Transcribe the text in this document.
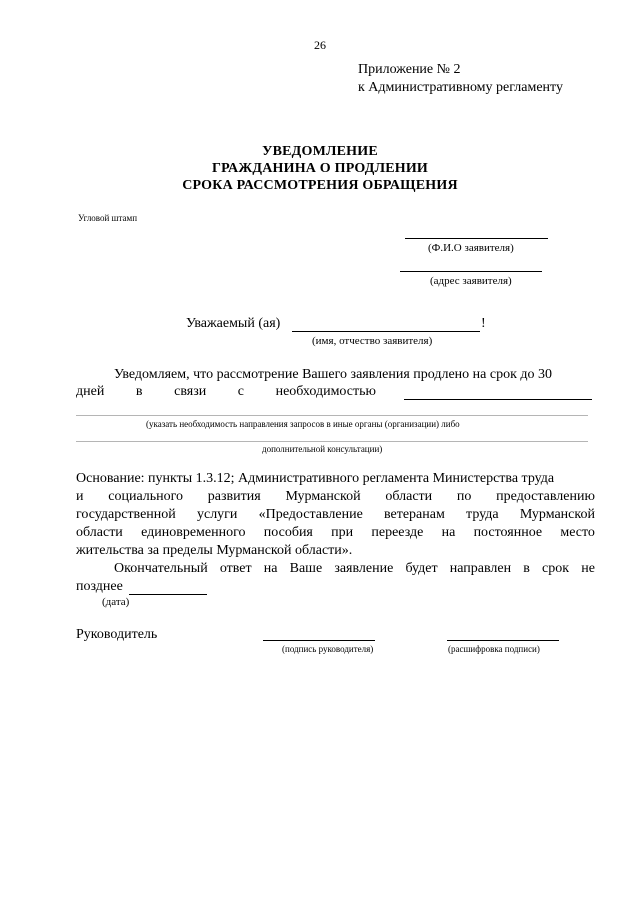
26
Приложение № 2
к Административному регламенту
УВЕДОМЛЕНИЕ
ГРАЖДАНИНА О ПРОДЛЕНИИ
СРОКА РАССМОТРЕНИЯ ОБРАЩЕНИЯ
Угловой штамп
(Ф.И.О заявителя)
(адрес заявителя)
Уважаемый (ая)	!
(имя, отчество заявителя)
Уведомляем, что рассмотрение Вашего заявления продлено на срок до 30
дней в связи с необходимостью
(указать необходимость направления запросов в иные органы (организации) либо
дополнительной консультации)
Основание: пункты 1.3.12; Административного регламента Министерства труда
и социального развития Мурманской области по предоставлению
государственной услуги «Предоставление ветеранам труда Мурманской
области единовременного пособия при переезде на постоянное место
жительства за пределы Мурманской области».
Окончательный ответ на Ваше заявление будет направлен в срок не
позднее
(дата)
Руководитель
(подпись руководителя)	(расшифровка подписи)
